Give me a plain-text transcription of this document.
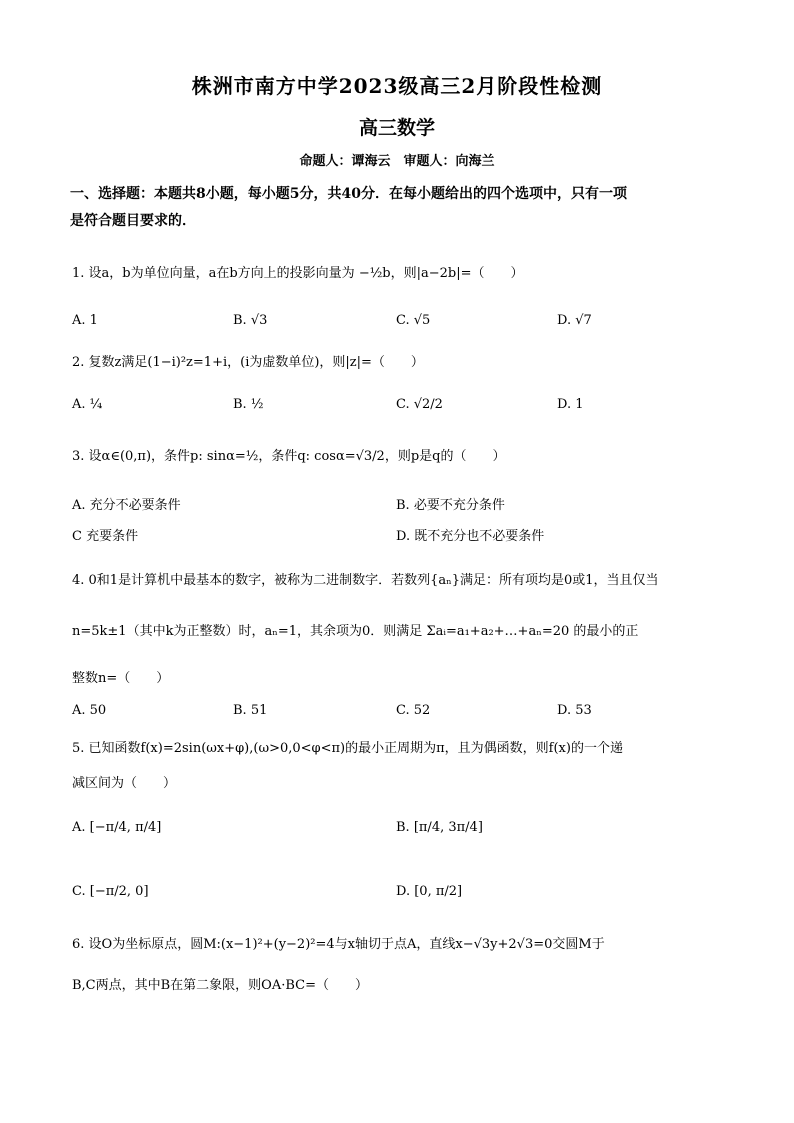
株洲市南方中学2023级高三2月阶段性检测
高三数学
命题人：谭海云　审题人：向海兰
一、选择题：本题共8小题，每小题5分，共40分．在每小题给出的四个选项中，只有一项
是符合题目要求的．
1. 设a，b为单位向量，a在b方向上的投影向量为 −½b，则|a−2b|=（　　）
A. 1	B. √3	C. √5	D. √7
2. 复数z满足(1−i)²z=1+i，(i为虚数单位)，则|z|=（　　）
A. ¼	B. ½	C. √2/2	D. 1
3. 设α∈(0,π)，条件p: sinα=½，条件q: cosα=√3/2，则p是q的（　　）
A. 充分不必要条件	B. 必要不充分条件
C 充要条件	D. 既不充分也不必要条件
4. 0和1是计算机中最基本的数字，被称为二进制数字．若数列{aₙ}满足：所有项均是0或1，当且仅当
n=5k±1（其中k为正整数）时，aₙ=1，其余项为0．则满足 Σaᵢ=a₁+a₂+…+aₙ=20 的最小的正
整数n=（　　）
A. 50	B. 51	C. 52	D. 53
5. 已知函数f(x)=2sin(ωx+φ),(ω>0,0<φ<π)的最小正周期为π，且为偶函数，则f(x)的一个递
减区间为（　　）
A. [−π/4, π/4]	B. [π/4, 3π/4]
C. [−π/2, 0]	D. [0, π/2]
6. 设O为坐标原点，圆M:(x−1)²+(y−2)²=4与x轴切于点A，直线x−√3y+2√3=0交圆M于
B,C两点，其中B在第二象限，则OA·BC=（　　）
